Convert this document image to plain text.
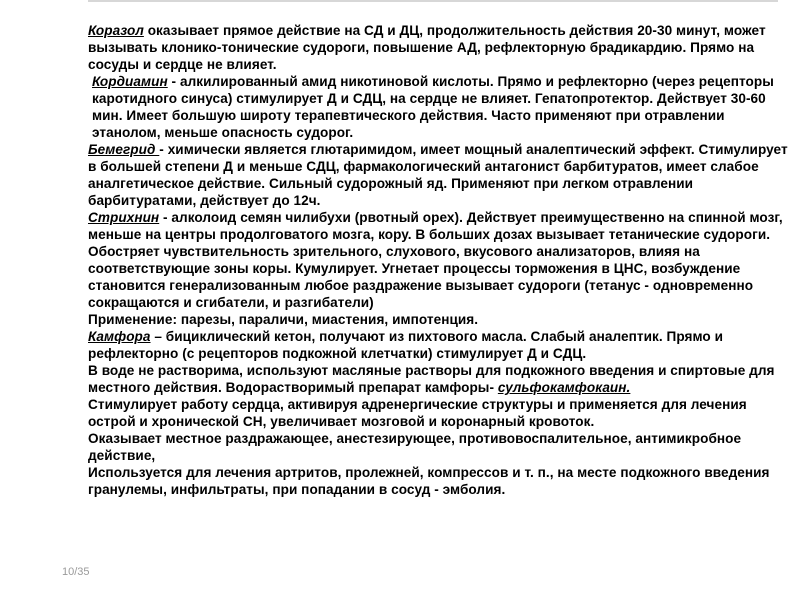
Коразол оказывает прямое действие на СД и ДЦ, продолжительность действия 20-30 минут, может вызывать клонико-тонические судороги, повышение АД, рефлекторную брадикардию. Прямо на сосуды и сердце не влияет.

Кордиамин - алкилированный амид никотиновой кислоты. Прямо и рефлекторно (через рецепторы каротидного синуса) стимулирует Д и СДЦ, на сердце не влияет. Гепатопротектор. Действует 30-60 мин. Имеет большую широту терапевтического действия. Часто применяют при отравлении этанолом, меньше опасность судорог.

Бемегрид - химически является глютаримидом, имеет мощный аналептический эффект. Стимулирует в большей степени Д и меньше СДЦ, фармакологический антагонист барбитуратов, имеет слабое аналгетическое действие. Сильный судорожный яд. Применяют при легком отравлении барбитуратами, действует до 12ч.

Стрихнин - алколоид семян чилибухи (рвотный орех). Действует преимущественно на спинной мозг, меньше на центры продолговатого мозга, кору. В больших дозах вызывает тетанические судороги. Обостряет чувствительность зрительного, слухового, вкусового анализаторов, влияя на соответствующие зоны коры. Кумулирует. Угнетает процессы торможения в ЦНС, возбуждение становится генерализованным любое раздражение вызывает судороги (тетанус - одновременно сокращаются и сгибатели, и разгибатели)

Применение: парезы, параличи, миастения, импотенция.

Камфора – бициклический кетон, получают из пихтового масла. Слабый аналептик. Прямо и рефлекторно (с рецепторов подкожной клетчатки) стимулирует Д и СДЦ.

В воде не растворима, используют масляные растворы для подкожного введения и спиртовые для местного действия. Водорастворимый препарат камфоры- сульфокамфокаин.

Стимулирует работу сердца, активируя адренергические структуры и применяется для лечения острой и хронической СН, увеличивает мозговой и коронарный кровоток.

Оказывает местное раздражающее, анестезирующее, противовоспалительное, антимикробное действие,

Используется для лечения артритов, пролежней, компрессов и т. п., на месте подкожного введения гранулемы, инфильтраты, при попадании в сосуд - эмболия.

10/35
